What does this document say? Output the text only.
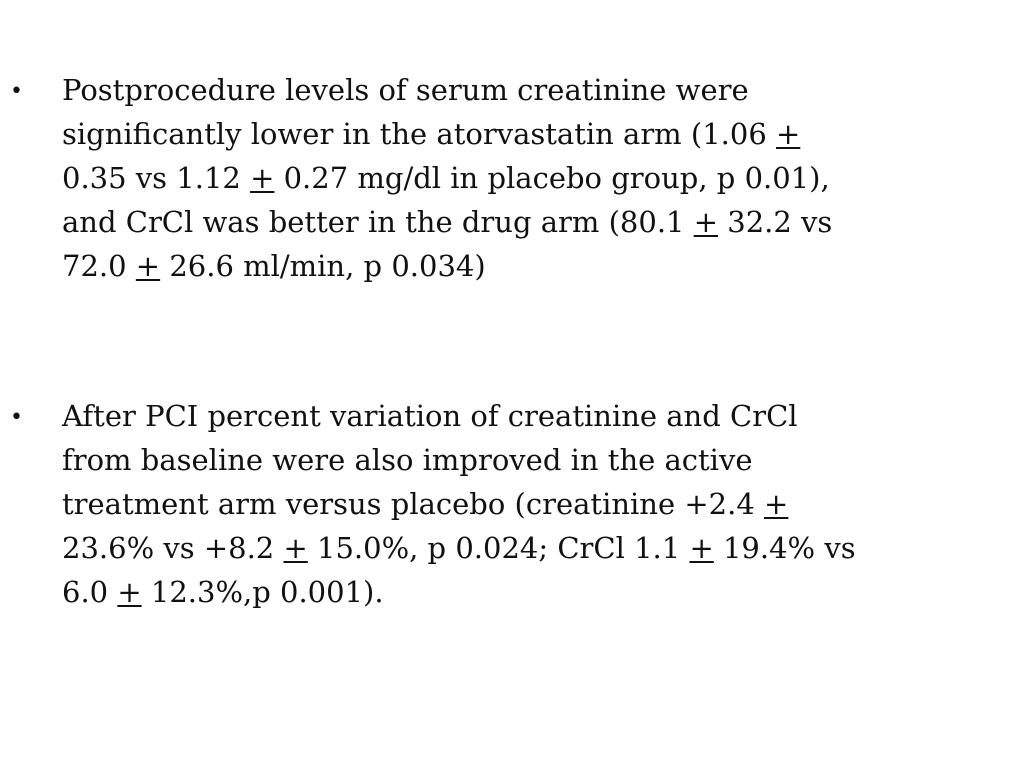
• Postprocedure levels of serum creatinine were
significantly lower in the atorvastatin arm (1.06 +
0.35 vs 1.12 + 0.27 mg/dl in placebo group, p 0.01),
and CrCl was better in the drug arm (80.1 + 32.2 vs
72.0 + 26.6 ml/min, p 0.034)
• After PCI percent variation of creatinine and CrCl
from baseline were also improved in the active
treatment arm versus placebo (creatinine +2.4 +
23.6% vs +8.2 + 15.0%, p 0.024; CrCl 1.1 + 19.4% vs
6.0 + 12.3%,p 0.001).
